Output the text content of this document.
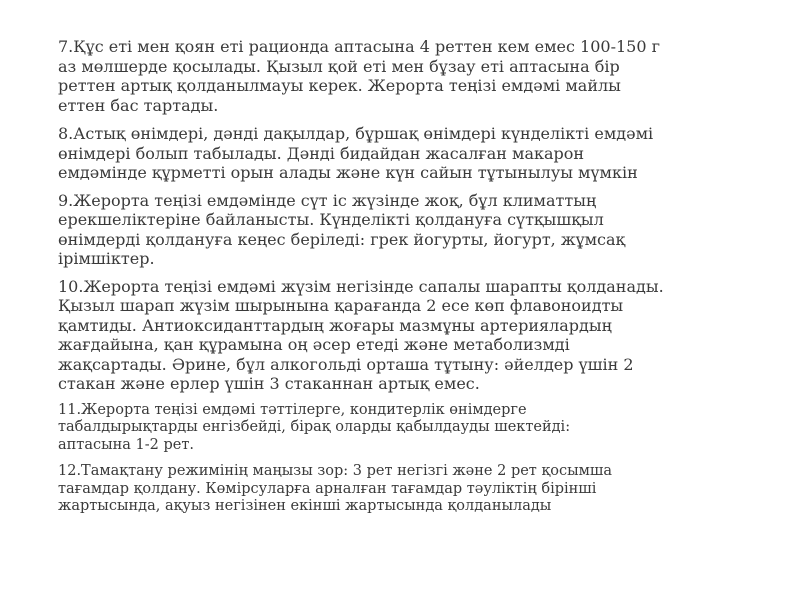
7.Құс еті мен қоян еті рационда аптасына 4 реттен кем емес 100-150 г
аз мөлшерде қосылады. Қызыл қой еті мен бұзау еті аптасына бір
реттен артық қолданылмауы керек. Жерорта теңізі емдәмі майлы
еттен бас тартады.

8.Астық өнімдері, дәнді дақылдар, бұршақ өнімдері күнделікті емдәмі
өнімдері болып табылады. Дәнді бидайдан жасалған макарон
емдәмінде құрметті орын алады және күн сайын тұтынылуы мүмкін

9.Жерорта теңізі емдәмінде сүт іс жүзінде жоқ, бұл климаттың
ерекшеліктеріне байланысты. Күнделікті қолдануға сүтқышқыл
өнімдерді қолдануға кеңес беріледі: грек йогурты, йогурт, жұмсақ
ірімшіктер.

10.Жерорта теңізі емдәмі жүзім негізінде сапалы шарапты қолданады.
Қызыл шарап жүзім шырынына қарағанда 2 есе көп флавоноидты
қамтиды. Антиоксиданттардың жоғары мазмұны артериялардың
жағдайына, қан құрамына оң әсер етеді және метаболизмді
жақсартады. Әрине, бұл алкогольді орташа тұтыну: әйелдер үшін 2
стакан және ерлер үшін 3 стаканнан артық емес.

11.Жерорта теңізі емдәмі тәттілерге, кондитерлік өнімдерге
табалдырықтарды енгізбейді, бірақ оларды қабылдауды шектейді:
аптасына 1-2 рет.

12.Тамақтану режимінің маңызы зор: 3 рет негізгі және 2 рет қосымша
тағамдар қолдану. Көмірсуларға арналған тағамдар тәуліктің бірінші
жартысында, ақуыз негізінен екінші жартысында қолданылады
